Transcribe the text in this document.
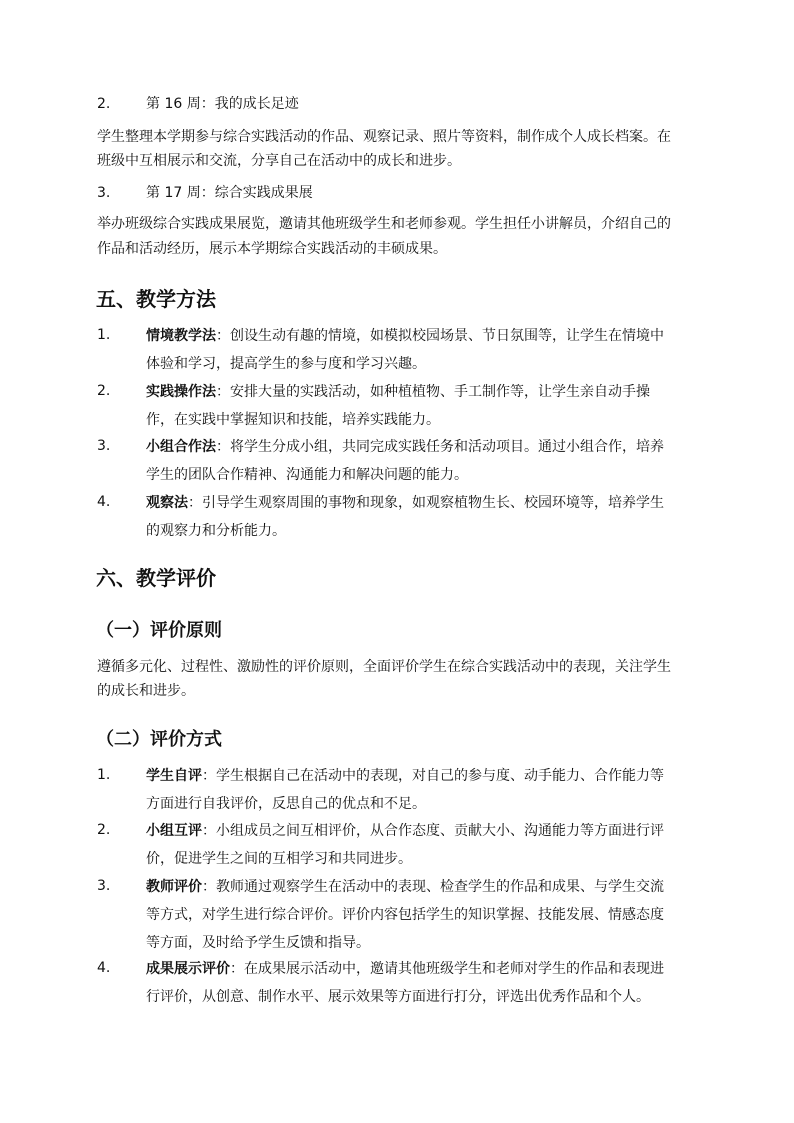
2.	第 16 周：我的成长足迹
学生整理本学期参与综合实践活动的作品、观察记录、照片等资料，制作成个人成长档案。在
班级中互相展示和交流，分享自己在活动中的成长和进步。
3.	第 17 周：综合实践成果展
举办班级综合实践成果展览，邀请其他班级学生和老师参观。学生担任小讲解员，介绍自己的
作品和活动经历，展示本学期综合实践活动的丰硕成果。
五、教学方法
1.	情境教学法：创设生动有趣的情境，如模拟校园场景、节日氛围等，让学生在情境中
体验和学习，提高学生的参与度和学习兴趣。
2.	实践操作法：安排大量的实践活动，如种植植物、手工制作等，让学生亲自动手操
作，在实践中掌握知识和技能，培养实践能力。
3.	小组合作法：将学生分成小组，共同完成实践任务和活动项目。通过小组合作，培养
学生的团队合作精神、沟通能力和解决问题的能力。
4.	观察法：引导学生观察周围的事物和现象，如观察植物生长、校园环境等，培养学生
的观察力和分析能力。
六、教学评价
（一）评价原则
遵循多元化、过程性、激励性的评价原则，全面评价学生在综合实践活动中的表现，关注学生
的成长和进步。
（二）评价方式
1.	学生自评：学生根据自己在活动中的表现，对自己的参与度、动手能力、合作能力等
方面进行自我评价，反思自己的优点和不足。
2.	小组互评：小组成员之间互相评价，从合作态度、贡献大小、沟通能力等方面进行评
价，促进学生之间的互相学习和共同进步。
3.	教师评价：教师通过观察学生在活动中的表现、检查学生的作品和成果、与学生交流
等方式，对学生进行综合评价。评价内容包括学生的知识掌握、技能发展、情感态度
等方面，及时给予学生反馈和指导。
4.	成果展示评价：在成果展示活动中，邀请其他班级学生和老师对学生的作品和表现进
行评价，从创意、制作水平、展示效果等方面进行打分，评选出优秀作品和个人。
